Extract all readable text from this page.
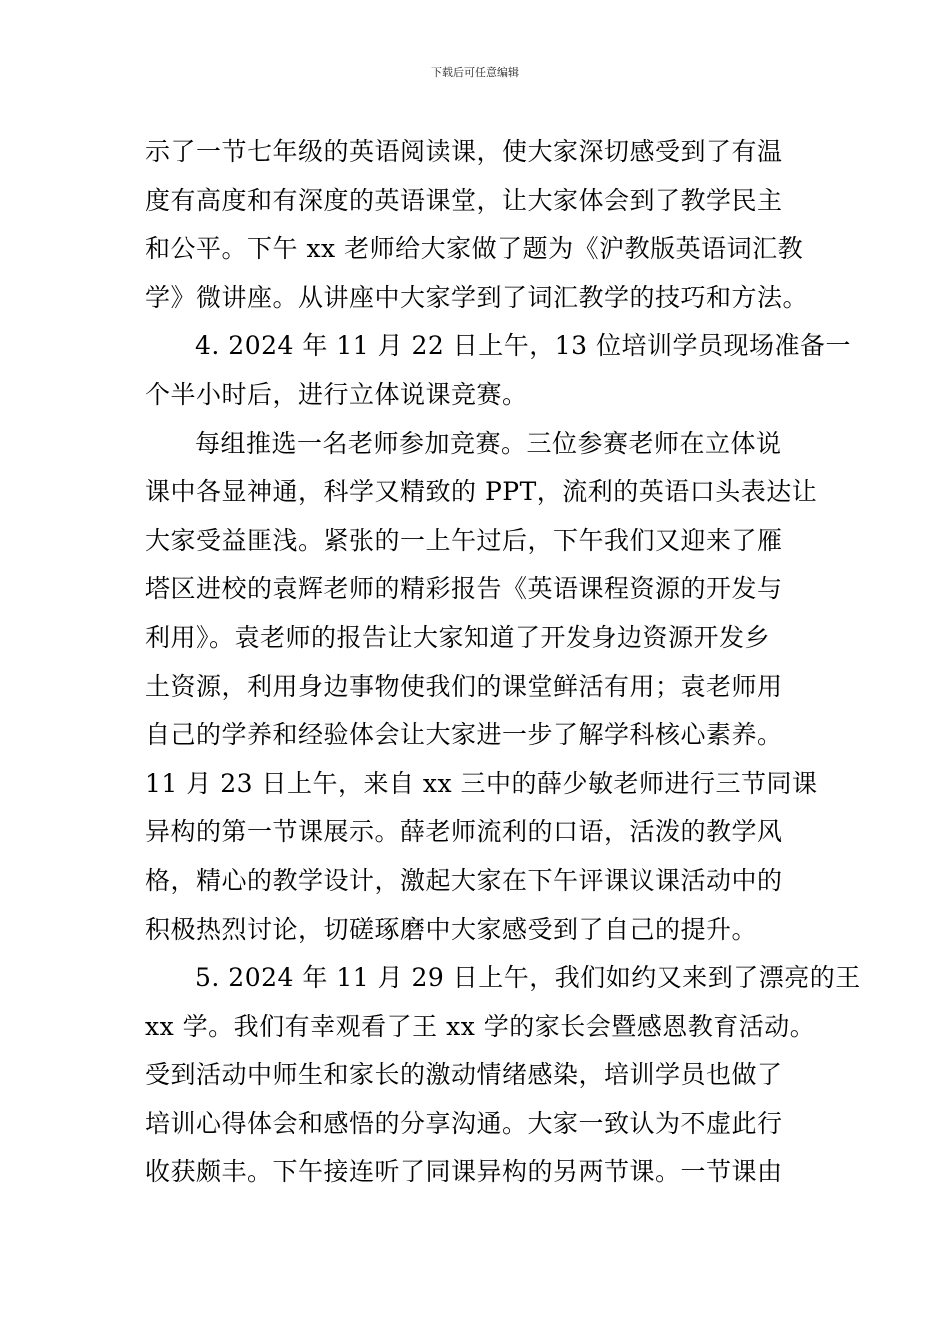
下载后可任意编辑
示了一节七年级的英语阅读课，使大家深切感受到了有温
度有高度和有深度的英语课堂，让大家体会到了教学民主
和公平。下午 xx 老师给大家做了题为《沪教版英语词汇教
学》微讲座。从讲座中大家学到了词汇教学的技巧和方法。
4. 2024 年 11 月 22 日上午，13 位培训学员现场准备一
个半小时后，进行立体说课竞赛。
每组推选一名老师参加竞赛。三位参赛老师在立体说
课中各显神通，科学又精致的 PPT，流利的英语口头表达让
大家受益匪浅。紧张的一上午过后，下午我们又迎来了雁
塔区进校的袁辉老师的精彩报告《英语课程资源的开发与
利用》。袁老师的报告让大家知道了开发身边资源开发乡
土资源，利用身边事物使我们的课堂鲜活有用；袁老师用
自己的学养和经验体会让大家进一步了解学科核心素养。
11 月 23 日上午，来自 xx 三中的薛少敏老师进行三节同课
异构的第一节课展示。薛老师流利的口语，活泼的教学风
格，精心的教学设计，激起大家在下午评课议课活动中的
积极热烈讨论，切磋琢磨中大家感受到了自己的提升。
5. 2024 年 11 月 29 日上午，我们如约又来到了漂亮的王
xx 学。我们有幸观看了王 xx 学的家长会暨感恩教育活动。
受到活动中师生和家长的激动情绪感染，培训学员也做了
培训心得体会和感悟的分享沟通。大家一致认为不虚此行
收获颇丰。下午接连听了同课异构的另两节课。一节课由
